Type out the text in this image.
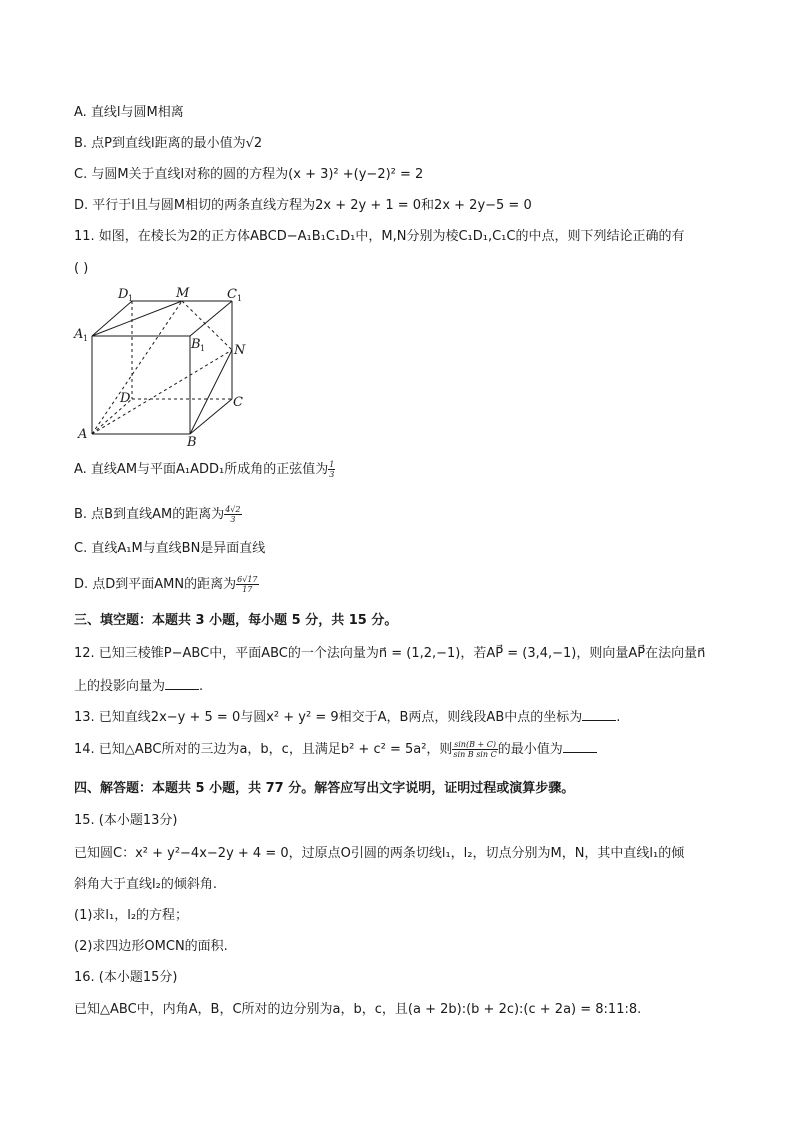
A. 直线l与圆M相离
B. 点P到直线l距离的最小值为√2
C. 与圆M关于直线l对称的圆的方程为(x + 3)² +(y−2)² = 2
D. 平行于l且与圆M相切的两条直线方程为2x + 2y + 1 = 0和2x + 2y−5 = 0
11. 如图，在棱长为2的正方体ABCD−A₁B₁C₁D₁中，M,N分别为棱C₁D₁,C₁C的中点，则下列结论正确的有
( )
D 1	M	C 1
A 1	B 1 N
D	C
A
B
A. 直线AM与平面A₁ADD₁所成角的正弦值为 $\frac{1}{3}$
B. 点B到直线AM的距离为 $\frac{4√2}{3}$
C. 直线A₁M与直线BN是异面直线
D. 点D到平面AMN的距离为 $\frac{6√17}{17}$
三、填空题：本题共 3 小题，每小题 5 分，共 15 分。
12. 已知三棱锥P−ABC中，平面ABC的一个法向量为n⃗ = (1,2,−1)，若AP⃗ = (3,4,−1)，则向量AP⃗在法向量n⃗
上的投影向量为	.
13. 已知直线2x−y + 5 = 0与圆x² + y² = 9相交于A，B两点，则线段AB中点的坐标为	.
14. 已知△ABC所对的三边为a，b，c，且满足b² + c² = 5a²，则 $\frac{\sin(B + C)}{\text{sin B sin C}}$ 的最小值为
四、解答题：本题共 5 小题，共 77 分。解答应写出文字说明，证明过程或演算步骤。
15. (本小题13分)
已知圆C：x² + y²−4x−2y + 4 = 0，过原点O引圆的两条切线l₁，l₂，切点分别为M，N，其中直线l₁的倾
斜角大于直线l₂的倾斜角.
(1)求l₁，l₂的方程；
(2)求四边形OMCN的面积.
16. (本小题15分)
已知△ABC中，内角A，B，C所对的边分别为a，b，c，且(a + 2b):(b + 2c):(c + 2a) = 8:11:8.
